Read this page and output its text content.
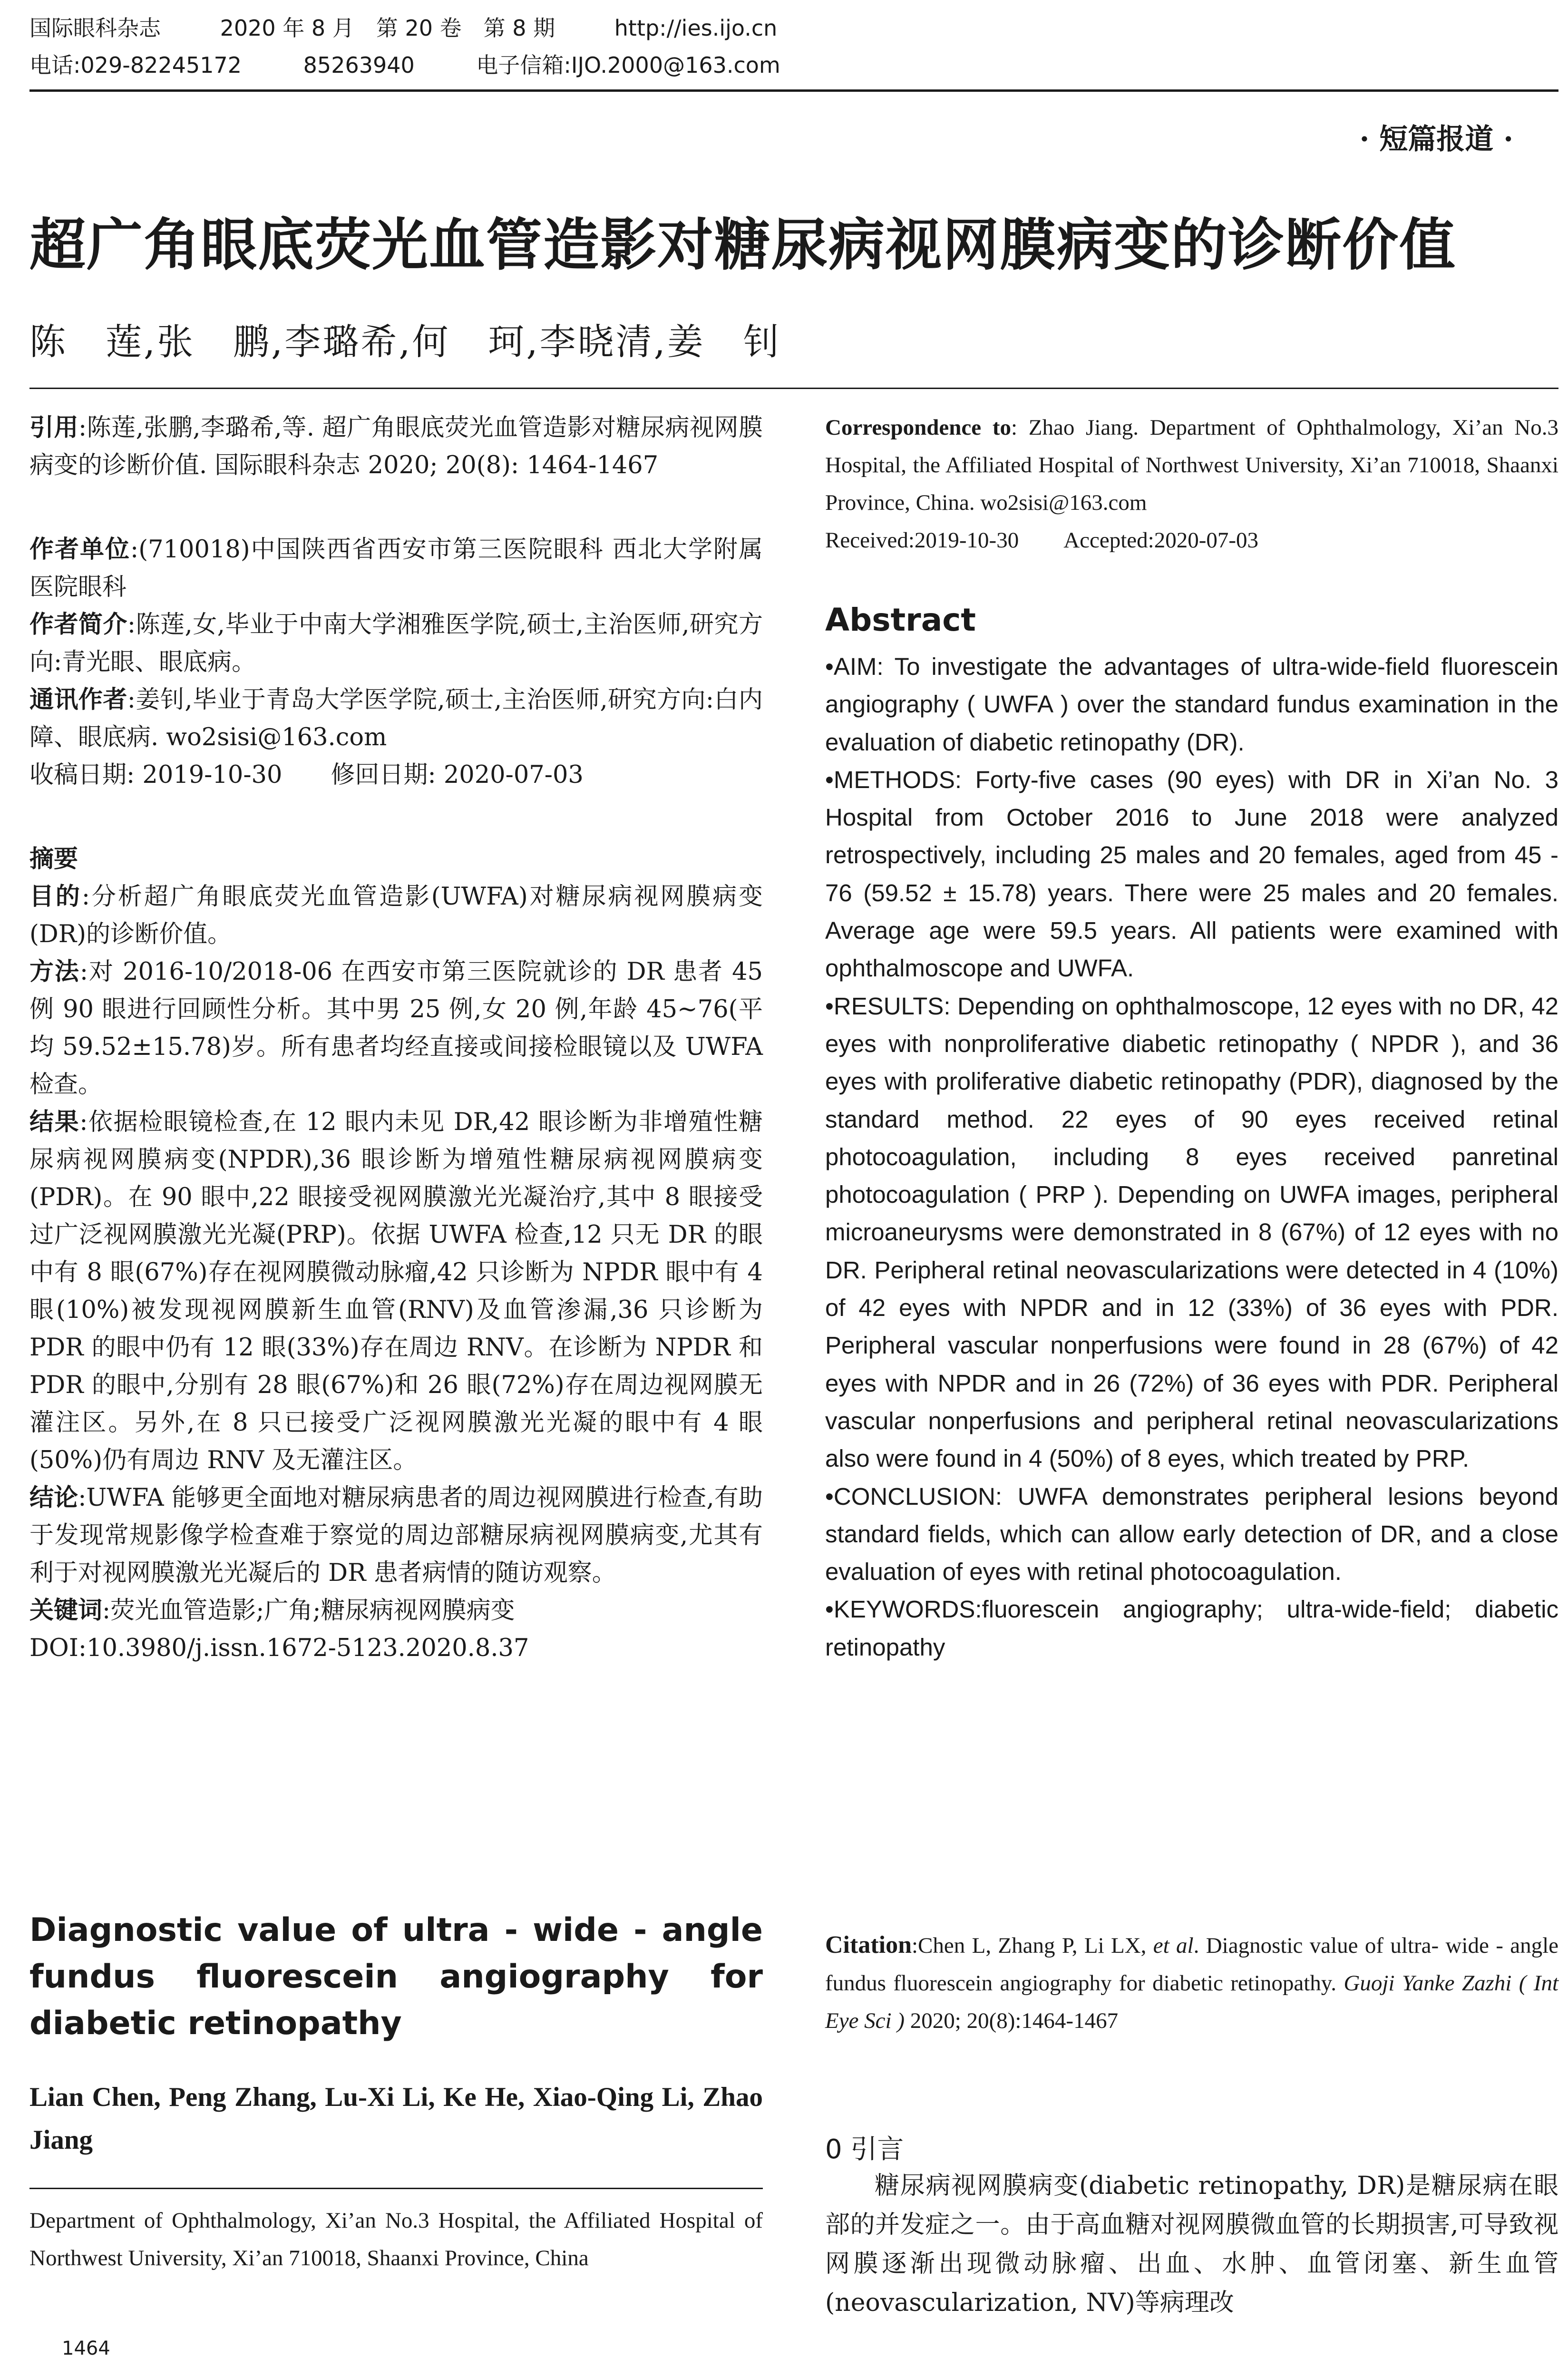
国际眼科杂志	2020 年 8 月　第 20 卷　第 8 期	http://ies.ijo.cn
电话:029-82245172	85263940	电子信箱:IJO.2000@163.com
· 短篇报道 ·
超广角眼底荧光血管造影对糖尿病视网膜病变的诊断价值
陈　莲,张　鹏,李璐希,何　珂,李晓清,姜　钊

引用:陈莲,张鹏,李璐希,等. 超广角眼底荧光血管造影对糖尿病视网膜病变的诊断价值. 国际眼科杂志 2020; 20(8): 1464-1467

作者单位:(710018)中国陕西省西安市第三医院眼科 西北大学附属医院眼科

作者简介:陈莲,女,毕业于中南大学湘雅医学院,硕士,主治医师,研究方向:青光眼、眼底病。

通讯作者:姜钊,毕业于青岛大学医学院,硕士,主治医师,研究方向:白内障、眼底病. wo2sisi@163.com

收稿日期: 2019-10-30　　修回日期: 2020-07-03

摘要

目的:分析超广角眼底荧光血管造影(UWFA)对糖尿病视网膜病变(DR)的诊断价值。

方法:对 2016-10/2018-06 在西安市第三医院就诊的 DR 患者 45 例 90 眼进行回顾性分析。其中男 25 例,女 20 例,年龄 45~76(平均 59.52±15.78)岁。所有患者均经直接或间接检眼镜以及 UWFA 检查。

结果:依据检眼镜检查,在 12 眼内未见 DR,42 眼诊断为非增殖性糖尿病视网膜病变(NPDR),36 眼诊断为增殖性糖尿病视网膜病变(PDR)。在 90 眼中,22 眼接受视网膜激光光凝治疗,其中 8 眼接受过广泛视网膜激光光凝(PRP)。依据 UWFA 检查,12 只无 DR 的眼中有 8 眼(67%)存在视网膜微动脉瘤,42 只诊断为 NPDR 眼中有 4 眼(10%)被发现视网膜新生血管(RNV)及血管渗漏,36 只诊断为 PDR 的眼中仍有 12 眼(33%)存在周边 RNV。在诊断为 NPDR 和 PDR 的眼中,分别有 28 眼(67%)和 26 眼(72%)存在周边视网膜无灌注区。另外,在 8 只已接受广泛视网膜激光光凝的眼中有 4 眼(50%)仍有周边 RNV 及无灌注区。

结论:UWFA 能够更全面地对糖尿病患者的周边视网膜进行检查,有助于发现常规影像学检查难于察觉的周边部糖尿病视网膜病变,尤其有利于对视网膜激光光凝后的 DR 患者病情的随访观察。

关键词:荧光血管造影;广角;糖尿病视网膜病变

DOI:10.3980/j.issn.1672-5123.2020.8.37

Diagnostic value of ultra - wide - angle fundus fluorescein angiography for diabetic retinopathy
Lian Chen, Peng Zhang, Lu-Xi Li, Ke He, Xiao-Qing Li, Zhao Jiang
Department of Ophthalmology, Xi’an No.3 Hospital, the Affiliated Hospital of Northwest University, Xi’an 710018, Shaanxi Province, China
1464

Correspondence to: Zhao Jiang. Department of Ophthalmology, Xi’an No.3 Hospital, the Affiliated Hospital of Northwest University, Xi’an 710018, Shaanxi Province, China. wo2sisi@163.com

Received:2019-10-30　　Accepted:2020-07-03

Abstract

• AIM: To investigate the advantages of ultra-wide-field fluorescein angiography ( UWFA ) over the standard fundus examination in the evaluation of diabetic retinopathy (DR).

• METHODS: Forty-five cases (90 eyes) with DR in Xi’an No. 3 Hospital from October 2016 to June 2018 were analyzed retrospectively, including 25 males and 20 females, aged from 45 - 76 (59.52 ± 15.78) years. There were 25 males and 20 females. Average age were 59.5 years. All patients were examined with ophthalmoscope and UWFA.

• RESULTS: Depending on ophthalmoscope, 12 eyes with no DR, 42 eyes with nonproliferative diabetic retinopathy ( NPDR ), and 36 eyes with proliferative diabetic retinopathy (PDR), diagnosed by the standard method. 22 eyes of 90 eyes received retinal photocoagulation, including 8 eyes received panretinal photocoagulation ( PRP ). Depending on UWFA images, peripheral microaneurysms were demonstrated in 8 (67%) of 12 eyes with no DR. Peripheral retinal neovascularizations were detected in 4 (10%) of 42 eyes with NPDR and in 12 (33%) of 36 eyes with PDR. Peripheral vascular nonperfusions were found in 28 (67%) of 42 eyes with NPDR and in 26 (72%) of 36 eyes with PDR. Peripheral vascular nonperfusions and peripheral retinal neovascularizations also were found in 4 (50%) of 8 eyes, which treated by PRP.

• CONCLUSION: UWFA demonstrates peripheral lesions beyond standard fields, which can allow early detection of DR, and a close evaluation of eyes with retinal photocoagulation.

• KEYWORDS:fluorescein angiography; ultra-wide-field; diabetic retinopathy

Citation:Chen L, Zhang P, Li LX, et al. Diagnostic value of ultra- wide - angle fundus fluorescein angiography for diabetic retinopathy. Guoji Yanke Zazhi ( Int Eye Sci ) 2020; 20(8):1464-1467

0 引言
糖尿病视网膜病变(diabetic retinopathy, DR)是糖尿病在眼部的并发症之一。由于高血糖对视网膜微血管的长期损害,可导致视网膜逐渐出现微动脉瘤、出血、水肿、血管闭塞、新生血管(neovascularization, NV)等病理改
